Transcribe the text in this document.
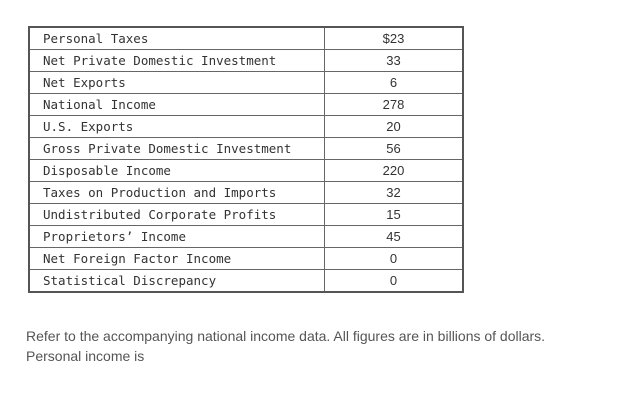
Personal Taxes	$23
Net Private Domestic Investment	33
Net Exports	6
National Income	278
U.S. Exports	20
Gross Private Domestic Investment	56
Disposable Income	220
Taxes on Production and Imports	32
Undistributed Corporate Profits	15
Proprietors’ Income	45
Net Foreign Factor Income	0
Statistical Discrepancy	0
Refer to the accompanying national income data. All figures are in billions of dollars.
Personal income is
